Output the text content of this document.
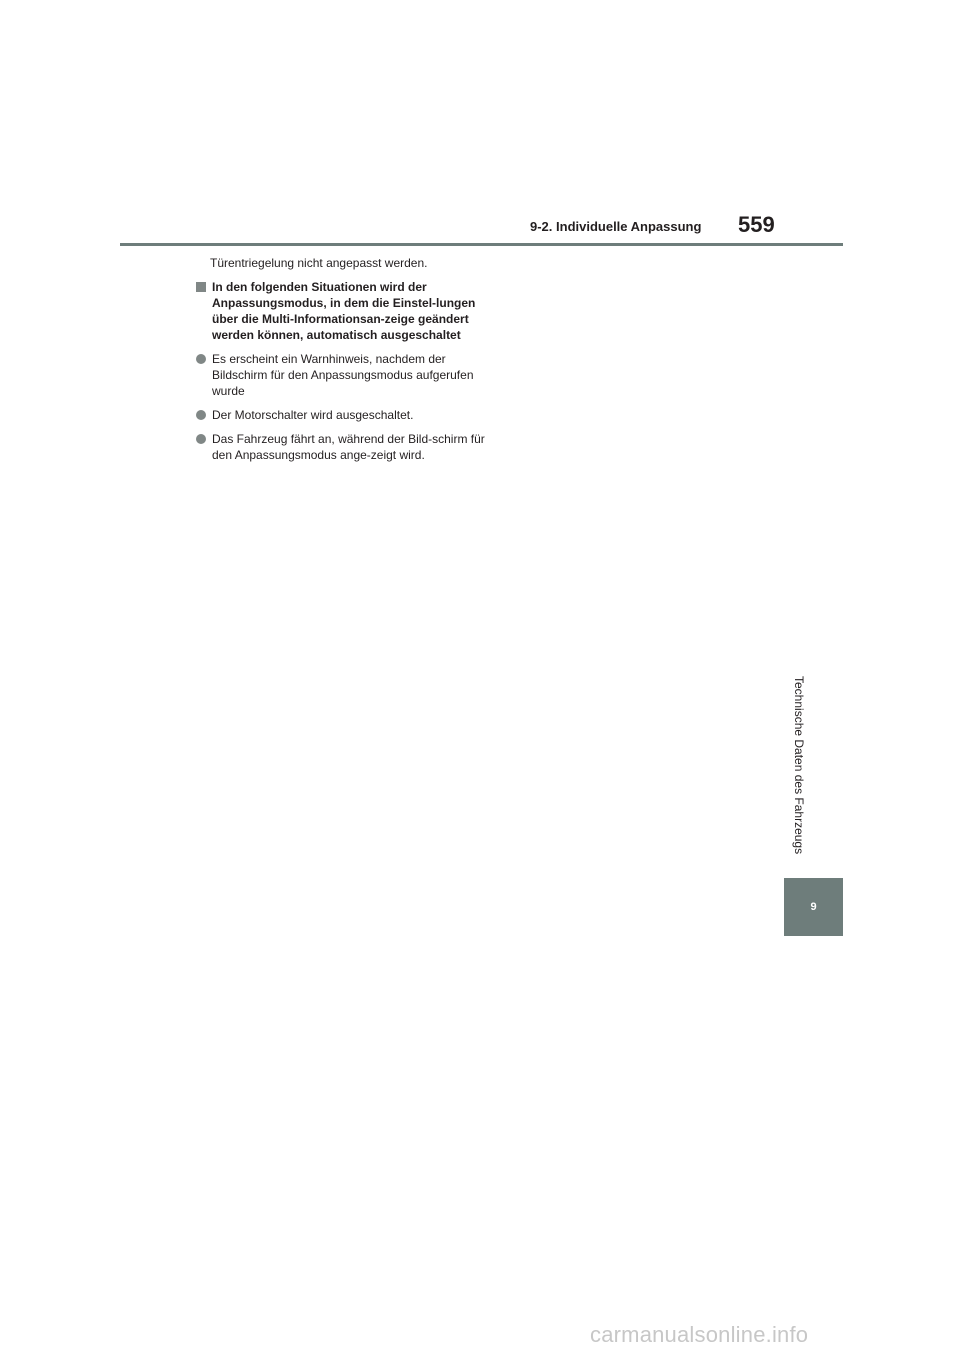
9-2. Individuelle Anpassung 559

Türentriegelung nicht angepasst werden.

In den folgenden Situationen wird der Anpassungsmodus, in dem die Einstel-lungen über die Multi-Informationsan-zeige geändert werden können, automatisch ausgeschaltet
Es erscheint ein Warnhinweis, nachdem der Bildschirm für den Anpassungsmodus aufgerufen wurde
Der Motorschalter wird ausgeschaltet.
Das Fahrzeug fährt an, während der Bild-schirm für den Anpassungsmodus ange-zeigt wird.
Technische Daten des Fahrzeugs
9
carmanualsonline.info
